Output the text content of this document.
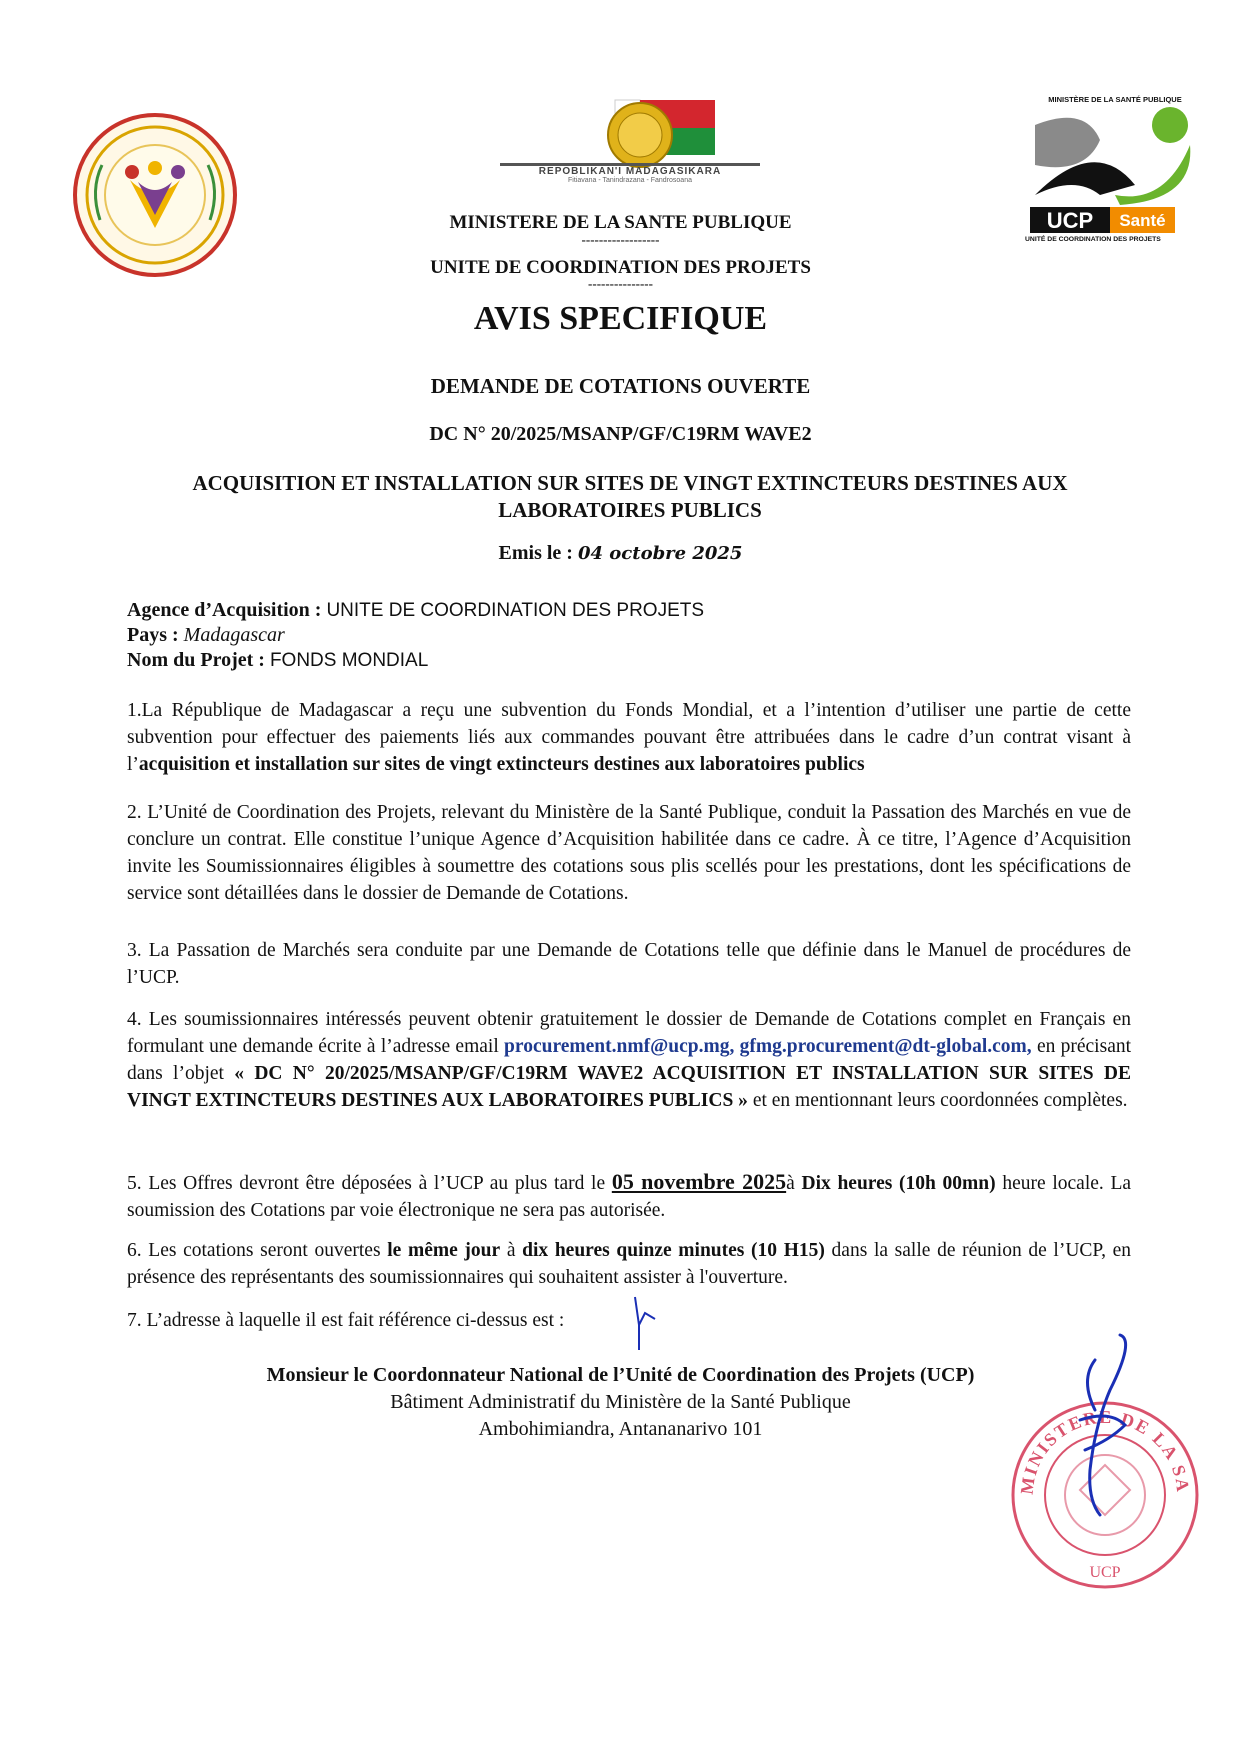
MINISTÈRE DE LA SANTÉ PUBLIQUE
UCP	Santé
UNITÉ DE COORDINATION DES PROJETS
REPOBLIKAN'I MADAGASIKARA
Fitiavana - Tanindrazana - Fandrosoana
MINISTERE DE LA SANTE PUBLIQUE
------------------
UNITE DE COORDINATION DES PROJETS
---------------
AVIS SPECIFIQUE
DEMANDE DE COTATIONS OUVERTE
DC N° 20/2025/MSANP/GF/C19RM WAVE2
ACQUISITION ET INSTALLATION SUR SITES DE VINGT EXTINCTEURS DESTINES AUX LABORATOIRES PUBLICS
Emis le : 04 octobre 2025
Agence d’Acquisition : UNITE DE COORDINATION DES PROJETS
Pays : Madagascar
Nom du Projet : FONDS MONDIAL
1.La République de Madagascar a reçu une subvention du Fonds Mondial, et a l’intention d’utiliser une partie de cette subvention pour effectuer des paiements liés aux commandes pouvant être attribuées dans le cadre d’un contrat visant à l’acquisition et installation sur sites de vingt extincteurs destines aux laboratoires publics
2. L’Unité de Coordination des Projets, relevant du Ministère de la Santé Publique, conduit la Passation des Marchés en vue de conclure un contrat. Elle constitue l’unique Agence d’Acquisition habilitée dans ce cadre. À ce titre, l’Agence d’Acquisition invite les Soumissionnaires éligibles à soumettre des cotations sous plis scellés pour les prestations, dont les spécifications de service sont détaillées dans le dossier de Demande de Cotations.
3. La Passation de Marchés sera conduite par une Demande de Cotations telle que définie dans le Manuel de procédures de l’UCP.
4. Les soumissionnaires intéressés peuvent obtenir gratuitement le dossier de Demande de Cotations complet en Français en formulant une demande écrite à l’adresse email procurement.nmf@ucp.mg, gfmg.procurement@dt-global.com, en précisant dans l’objet « DC N° 20/2025/MSANP/GF/C19RM WAVE2 ACQUISITION ET INSTALLATION SUR SITES DE VINGT EXTINCTEURS DESTINES AUX LABORATOIRES PUBLICS » et en mentionnant leurs coordonnées complètes.
5. Les Offres devront être déposées à l’UCP au plus tard le 05 novembre 2025à Dix heures (10h 00mn) heure locale. La soumission des Cotations par voie électronique ne sera pas autorisée.
6. Les cotations seront ouvertes le même jour à dix heures quinze minutes (10 H15) dans la salle de réunion de l’UCP, en présence des représentants des soumissionnaires qui souhaitent assister à l'ouverture.
7. L’adresse à laquelle il est fait référence ci-dessus est :
Monsieur le Coordonnateur National de l’Unité de Coordination des Projets (UCP)
Bâtiment Administratif du Ministère de la Santé Publique
Ambohimiandra, Antananarivo 101
MINISTERE DE LA SA
UCP
